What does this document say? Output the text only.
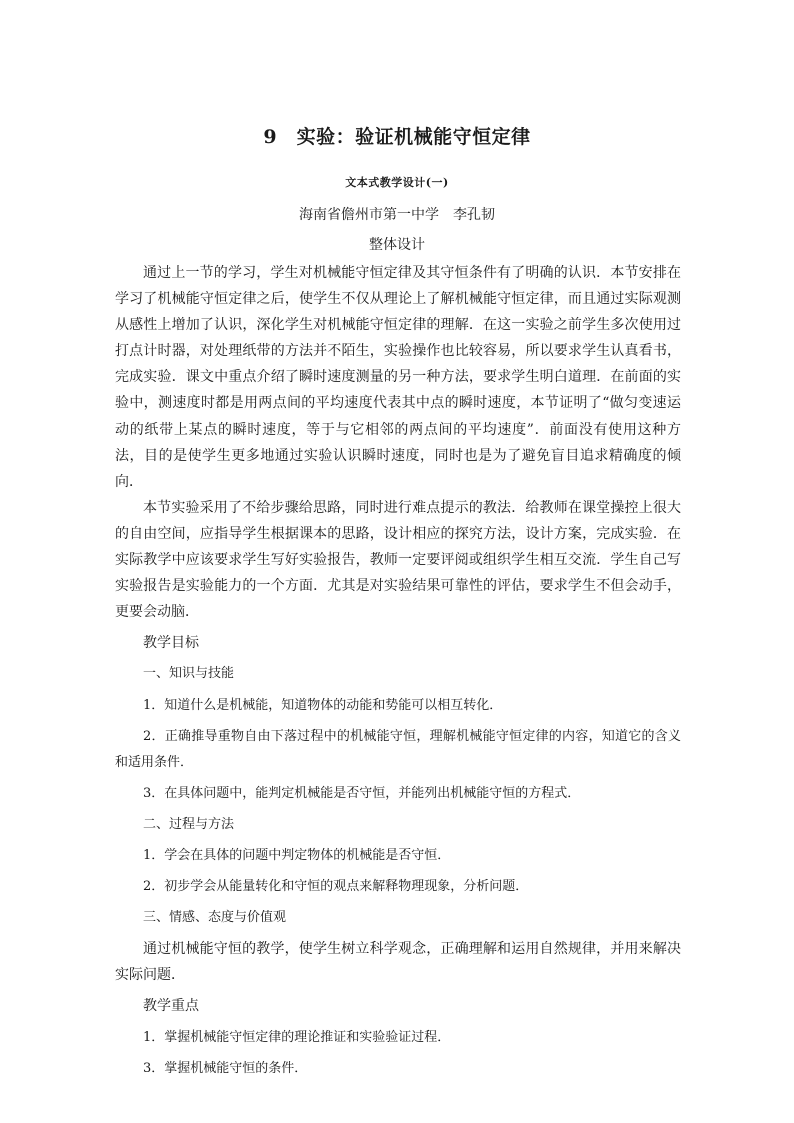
9　实验：验证机械能守恒定律
文本式教学设计(一)
海南省儋州市第一中学　李孔韧
整体设计

通过上一节的学习，学生对机械能守恒定律及其守恒条件有了明确的认识．本节安排在学习了机械能守恒定律之后，使学生不仅从理论上了解机械能守恒定律，而且通过实际观测从感性上增加了认识，深化学生对机械能守恒定律的理解．在这一实验之前学生多次使用过打点计时器，对处理纸带的方法并不陌生，实验操作也比较容易，所以要求学生认真看书，完成实验．课文中重点介绍了瞬时速度测量的另一种方法，要求学生明白道理．在前面的实验中，测速度时都是用两点间的平均速度代表其中点的瞬时速度，本节证明了“做匀变速运动的纸带上某点的瞬时速度，等于与它相邻的两点间的平均速度”．前面没有使用这种方法，目的是使学生更多地通过实验认识瞬时速度，同时也是为了避免盲目追求精确度的倾向．

本节实验采用了不给步骤给思路，同时进行难点提示的教法．给教师在课堂操控上很大的自由空间，应指导学生根据课本的思路，设计相应的探究方法，设计方案，完成实验．在实际教学中应该要求学生写好实验报告，教师一定要评阅或组织学生相互交流．学生自己写实验报告是实验能力的一个方面．尤其是对实验结果可靠性的评估，要求学生不但会动手，更要会动脑．

教学目标

一、知识与技能

1．知道什么是机械能，知道物体的动能和势能可以相互转化．

2．正确推导重物自由下落过程中的机械能守恒，理解机械能守恒定律的内容，知道它的含义和适用条件．

3．在具体问题中，能判定机械能是否守恒，并能列出机械能守恒的方程式．

二、过程与方法

1．学会在具体的问题中判定物体的机械能是否守恒．

2．初步学会从能量转化和守恒的观点来解释物理现象，分析问题．

三、情感、态度与价值观

通过机械能守恒的教学，使学生树立科学观念，正确理解和运用自然规律，并用来解决实际问题．

教学重点

1．掌握机械能守恒定律的理论推证和实验验证过程．

3．掌握机械能守恒的条件．
